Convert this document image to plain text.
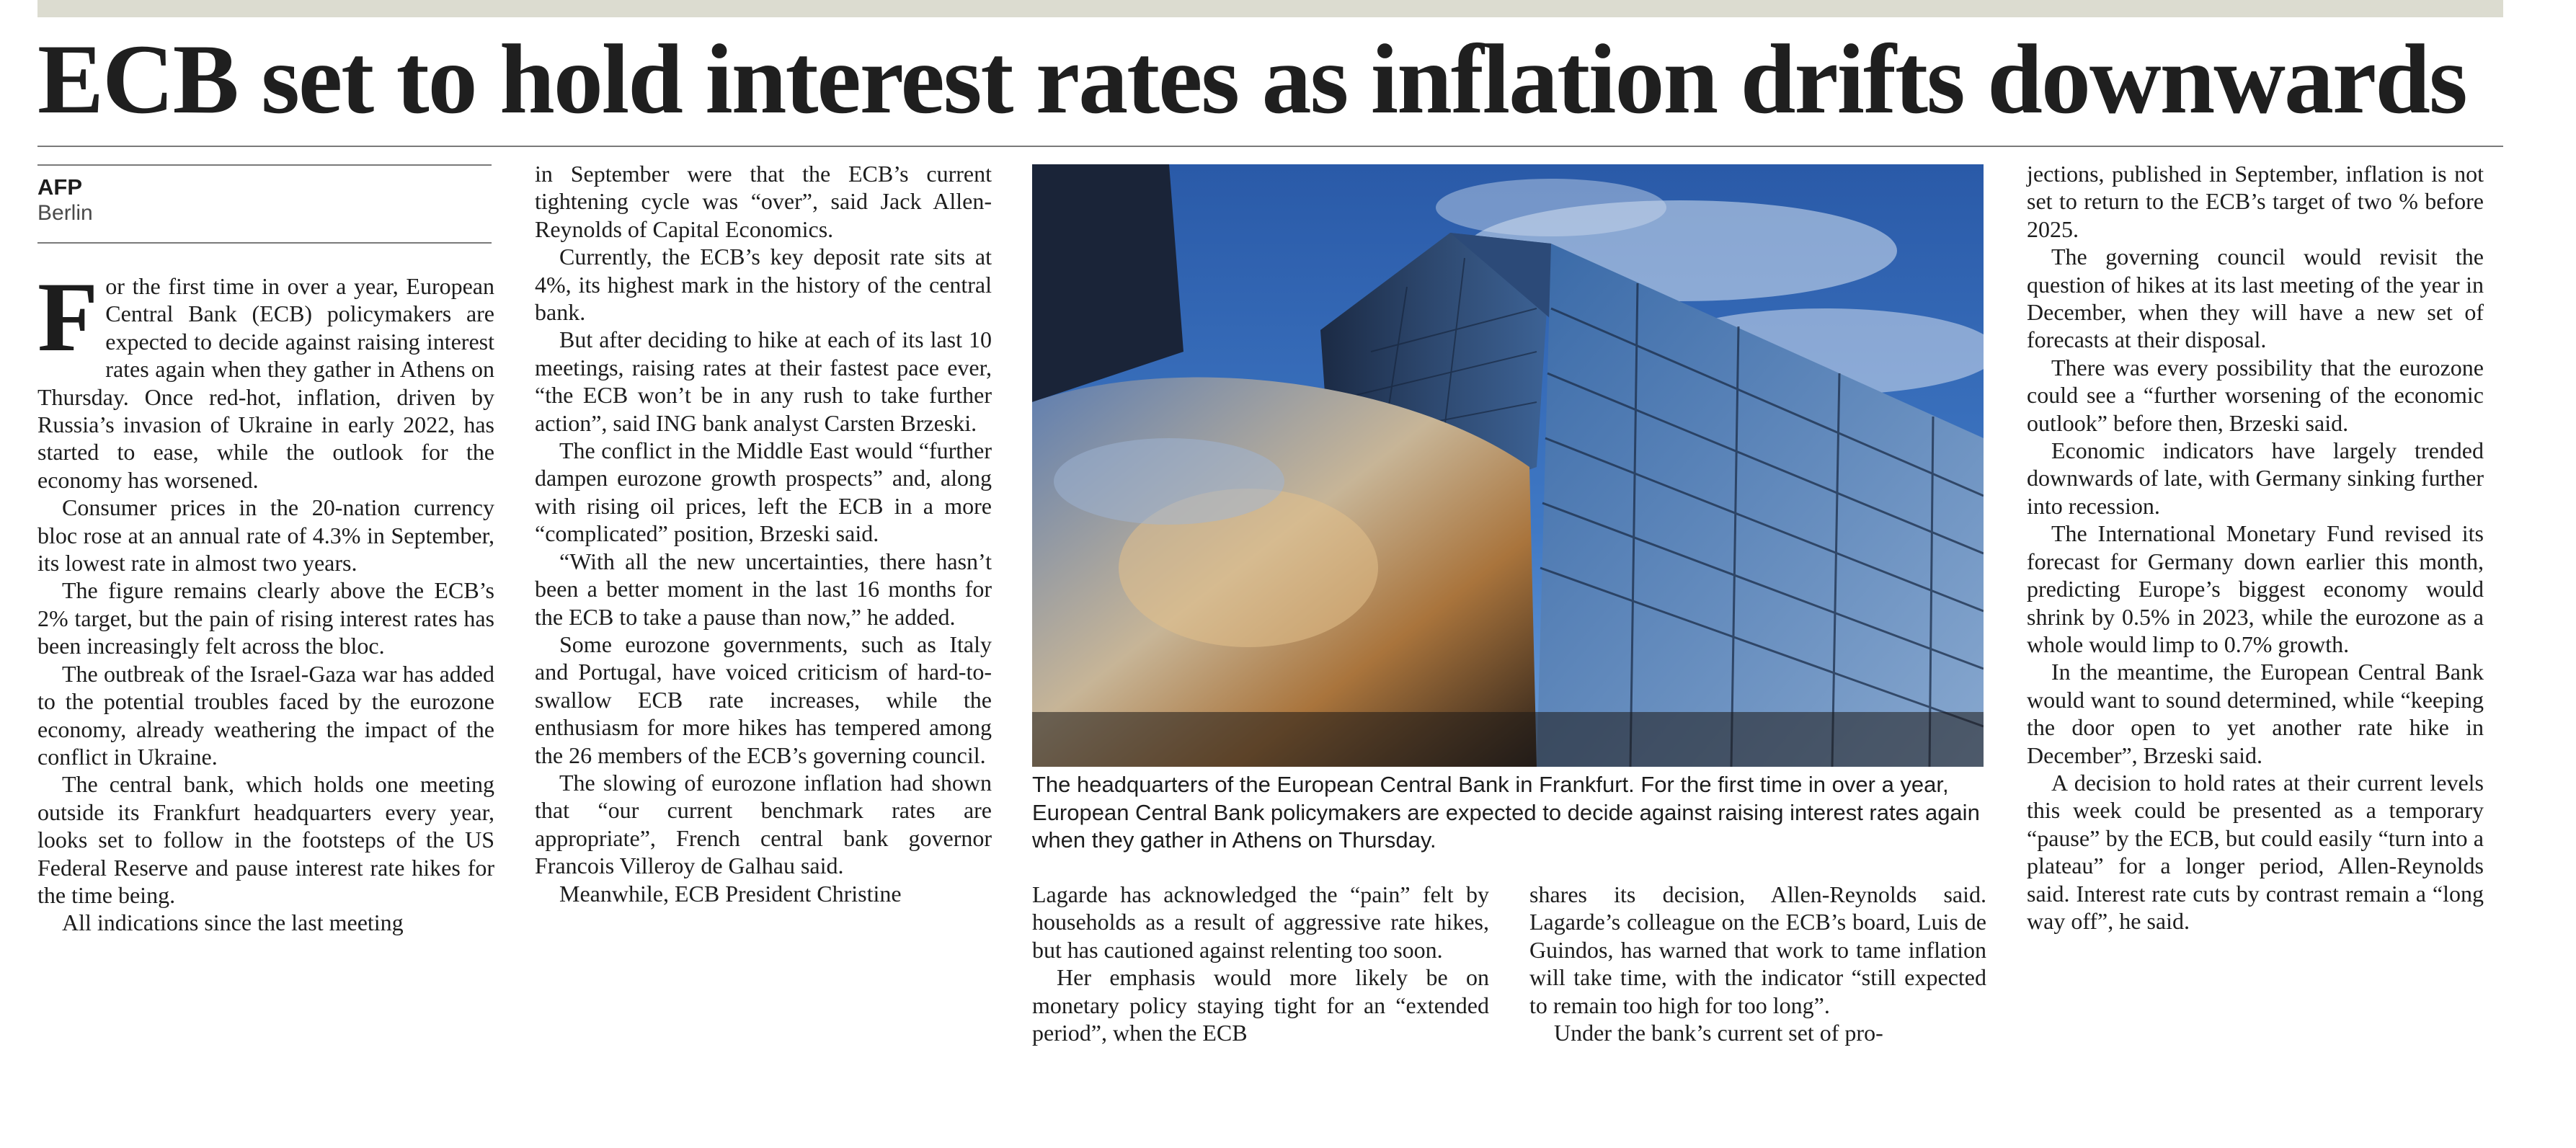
ECB set to hold interest rates as inflation drifts downwards
AFP
Berlin

For the first time in over a year, European Central Bank (ECB) policymakers are expected to decide against raising interest rates again when they gather in Athens on Thursday. Once red-hot, inflation, driven by Russia’s invasion of Ukraine in early 2022, has started to ease, while the outlook for the economy has worsened.

Consumer prices in the 20-nation currency bloc rose at an annual rate of 4.3% in September, its lowest rate in almost two years.

The figure remains clearly above the ECB’s 2% target, but the pain of rising interest rates has been increasingly felt across the bloc.

The outbreak of the Israel-Gaza war has added to the potential troubles faced by the eurozone economy, already weathering the impact of the conflict in Ukraine.

The central bank, which holds one meeting outside its Frankfurt headquarters every year, looks set to follow in the footsteps of the US Federal Reserve and pause interest rate hikes for the time being.

All indications since the last meeting

in September were that the ECB’s current tightening cycle was “over”, said Jack Allen-Reynolds of Capital Economics.

Currently, the ECB’s key deposit rate sits at 4%, its highest mark in the history of the central bank.

But after deciding to hike at each of its last 10 meetings, raising rates at their fastest pace ever, “the ECB won’t be in any rush to take further action”, said ING bank analyst Carsten Brzeski.

The conflict in the Middle East would “further dampen eurozone growth prospects” and, along with rising oil prices, left the ECB in a more “complicated” position, Brzeski said.

“With all the new uncertainties, there hasn’t been a better moment in the last 16 months for the ECB to take a pause than now,” he added.

Some eurozone governments, such as Italy and Portugal, have voiced criticism of hard-to-swallow ECB rate increases, while the enthusiasm for more hikes has tempered among the 26 members of the ECB’s governing council.

The slowing of eurozone inflation had shown that “our current benchmark rates are appropriate”, French central bank governor Francois Villeroy de Galhau said.

Meanwhile, ECB President Christine

The headquarters of the European Central Bank in Frankfurt. For the first time in over a year, European Central Bank policymakers are expected to decide against raising interest rates again when they gather in Athens on Thursday.

Lagarde has acknowledged the “pain” felt by households as a result of aggressive rate hikes, but has cautioned against relenting too soon.

Her emphasis would more likely be on monetary policy staying tight for an “extended period”, when the ECB

shares its decision, Allen-Reynolds said. Lagarde’s colleague on the ECB’s board, Luis de Guindos, has warned that work to tame inflation will take time, with the indicator “still expected to remain too high for too long”.

Under the bank’s current set of pro-

jections, published in September, inflation is not set to return to the ECB’s target of two % before 2025.

The governing council would revisit the question of hikes at its last meeting of the year in December, when they will have a new set of forecasts at their disposal.

There was every possibility that the eurozone could see a “further worsening of the economic outlook” before then, Brzeski said.

Economic indicators have largely trended downwards of late, with Germany sinking further into recession.

The International Monetary Fund revised its forecast for Germany down earlier this month, predicting Europe’s biggest economy would shrink by 0.5% in 2023, while the eurozone as a whole would limp to 0.7% growth.

In the meantime, the European Central Bank would want to sound determined, while “keeping the door open to yet another rate hike in December”, Brzeski said.

A decision to hold rates at their current levels this week could be presented as a temporary “pause” by the ECB, but could easily “turn into a plateau” for a longer period, Allen-Reynolds said. Interest rate cuts by contrast remain a “long way off”, he said.
